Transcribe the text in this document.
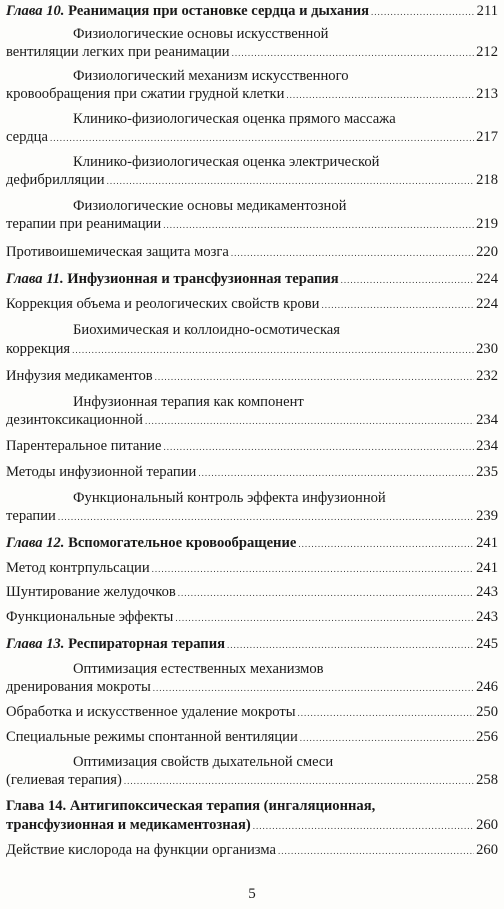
Глава 10. Реанимация при остановке сердца и дыхания .....	211
Физиологические основы искусственной
вентиляции легких при реанимации .....	212
Физиологический механизм искусственного
кровообращения при сжатии грудной клетки .....	213
Клинико-физиологическая оценка прямого массажа
сердца .....	217
Клинико-физиологическая оценка электрической
дефибрилляции .....	218
Физиологические основы медикаментозной
терапии при реанимации .....	219
Противоишемическая защита мозга .....	220
Глава 11. Инфузионная и трансфузионная терапия .....	224
Коррекция объема и реологических свойств крови .....	224
Биохимическая и коллоидно-осмотическая
коррекция .....	230
Инфузия медикаментов .....	232
Инфузионная терапия как компонент
дезинтоксикационной .....	234
Парентеральное питание .....	234
Методы инфузионной терапии .....	235
Функциональный контроль эффекта инфузионной
терапии .....	239
Глава 12. Вспомогательное кровообращение .....	241
Метод контрпульсации .....	241
Шунтирование желудочков .....	243
Функциональные эффекты .....	243
Глава 13. Респираторная терапия .....	245
Оптимизация естественных механизмов
дренирования мокроты .....	246
Обработка и искусственное удаление мокроты .....	250
Специальные режимы спонтанной вентиляции .....	256
Оптимизация свойств дыхательной смеси
(гелиевая терапия) .....	258
Глава 14. Антигипоксическая терапия (ингаляционная,
трансфузионная и медикаментозная) .....	260
Действие кислорода на функции организма .....	260
5
